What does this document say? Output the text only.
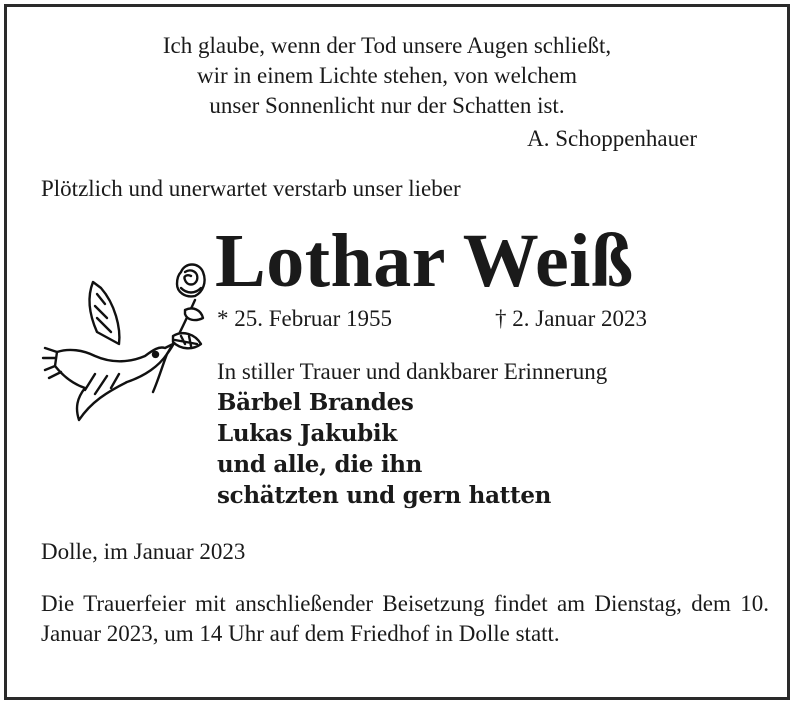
Ich glaube, wenn der Tod unsere Augen schließt,
wir in einem Lichte stehen, von welchem
unser Sonnenlicht nur der Schatten ist.
A. Schoppenhauer
Plötzlich und unerwartet verstarb unser lieber
Lothar Weiß
* 25. Februar 1955	† 2. Januar 2023
In stiller Trauer und dankbarer Erinnerung
Bärbel Brandes
Lukas Jakubik
und alle, die ihn
schätzten und gern hatten
Dolle, im Januar 2023
Die Trauerfeier mit anschließender Beisetzung findet am Dienstag, dem 10. Januar 2023, um 14 Uhr auf dem Friedhof in Dolle statt.
